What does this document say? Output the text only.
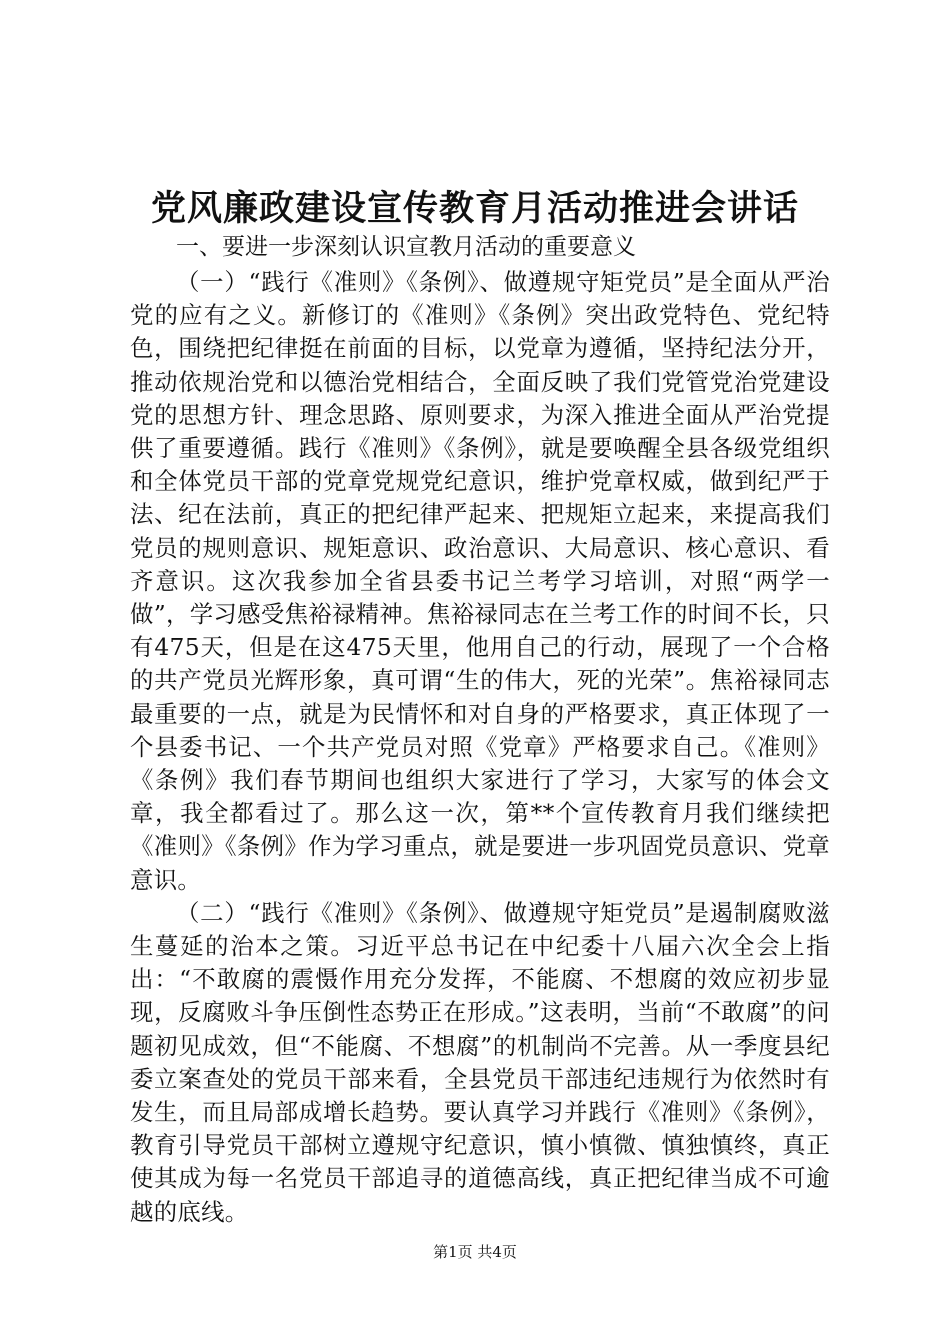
党风廉政建设宣传教育月活动推进会讲话

一、要进一步深刻认识宣教月活动的重要意义

（一）“践行《准则》《条例》、做遵规守矩党员”是全面从严治党的应有之义。新修订的《准则》《条例》突出政党特色、党纪特色，围绕把纪律挺在前面的目标，以党章为遵循，坚持纪法分开，推动依规治党和以德治党相结合，全面反映了我们党管党治党建设党的思想方针、理念思路、原则要求，为深入推进全面从严治党提供了重要遵循。践行《准则》《条例》，就是要唤醒全县各级党组织和全体党员干部的党章党规党纪意识，维护党章权威，做到纪严于法、纪在法前，真正的把纪律严起来、把规矩立起来，来提高我们党员的规则意识、规矩意识、政治意识、大局意识、核心意识、看齐意识。这次我参加全省县委书记兰考学习培训，对照“两学一做”，学习感受焦裕禄精神。焦裕禄同志在兰考工作的时间不长，只有475天，但是在这475天里，他用自己的行动，展现了一个合格的共产党员光辉形象，真可谓“生的伟大，死的光荣”。焦裕禄同志最重要的一点，就是为民情怀和对自身的严格要求，真正体现了一个县委书记、一个共产党员对照《党章》严格要求自己。《准则》《条例》我们春节期间也组织大家进行了学习，大家写的体会文章，我全都看过了。那么这一次，第**个宣传教育月我们继续把《准则》《条例》作为学习重点，就是要进一步巩固党员意识、党章意识。

（二）“践行《准则》《条例》、做遵规守矩党员”是遏制腐败滋生蔓延的治本之策。习近平总书记在中纪委十八届六次全会上指出：“不敢腐的震慑作用充分发挥，不能腐、不想腐的效应初步显现，反腐败斗争压倒性态势正在形成。”这表明，当前“不敢腐”的问题初见成效，但“不能腐、不想腐”的机制尚不完善。从一季度县纪委立案查处的党员干部来看，全县党员干部违纪违规行为依然时有发生，而且局部成增长趋势。要认真学习并践行《准则》《条例》，教育引导党员干部树立遵规守纪意识，慎小慎微、慎独慎终，真正使其成为每一名党员干部追寻的道德高线，真正把纪律当成不可逾越的底线。

第1页 共4页
